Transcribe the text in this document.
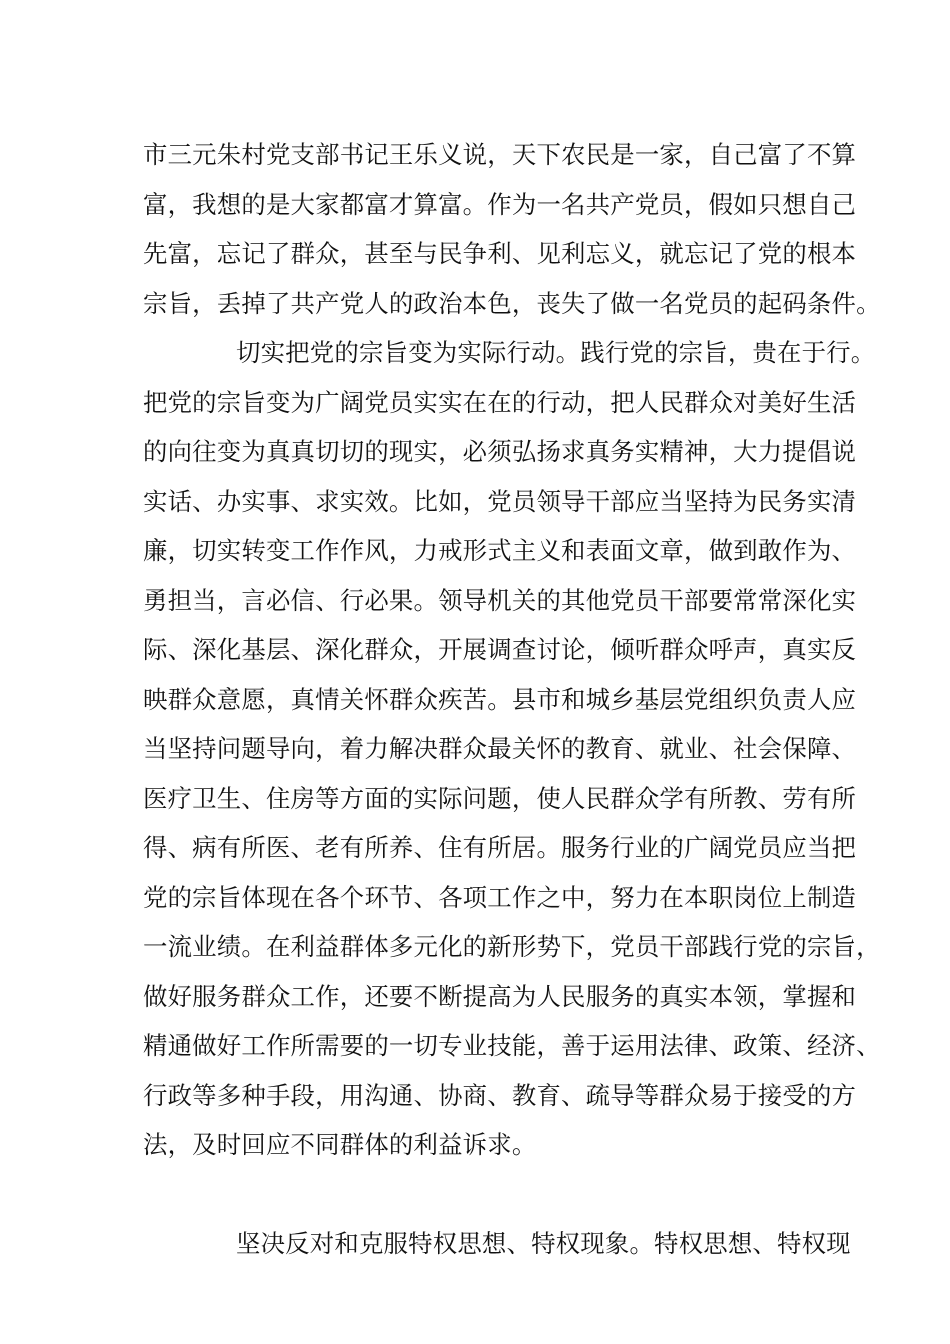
市三元朱村党支部书记王乐义说，天下农民是一家，自己富了不算
富，我想的是大家都富才算富。作为一名共产党员，假如只想自己
先富，忘记了群众，甚至与民争利、见利忘义，就忘记了党的根本
宗旨，丢掉了共产党人的政治本色，丧失了做一名党员的起码条件。
切实把党的宗旨变为实际行动。践行党的宗旨，贵在于行。
把党的宗旨变为广阔党员实实在在的行动，把人民群众对美好生活
的向往变为真真切切的现实，必须弘扬求真务实精神，大力提倡说
实话、办实事、求实效。比如，党员领导干部应当坚持为民务实清
廉，切实转变工作作风，力戒形式主义和表面文章，做到敢作为、
勇担当，言必信、行必果。领导机关的其他党员干部要常常深化实
际、深化基层、深化群众，开展调查讨论，倾听群众呼声，真实反
映群众意愿，真情关怀群众疾苦。县市和城乡基层党组织负责人应
当坚持问题导向，着力解决群众最关怀的教育、就业、社会保障、
医疗卫生、住房等方面的实际问题，使人民群众学有所教、劳有所
得、病有所医、老有所养、住有所居。服务行业的广阔党员应当把
党的宗旨体现在各个环节、各项工作之中，努力在本职岗位上制造
一流业绩。在利益群体多元化的新形势下，党员干部践行党的宗旨，
做好服务群众工作，还要不断提高为人民服务的真实本领，掌握和
精通做好工作所需要的一切专业技能，善于运用法律、政策、经济、
行政等多种手段，用沟通、协商、教育、疏导等群众易于接受的方
法，及时回应不同群体的利益诉求。
坚决反对和克服特权思想、特权现象。特权思想、特权现
